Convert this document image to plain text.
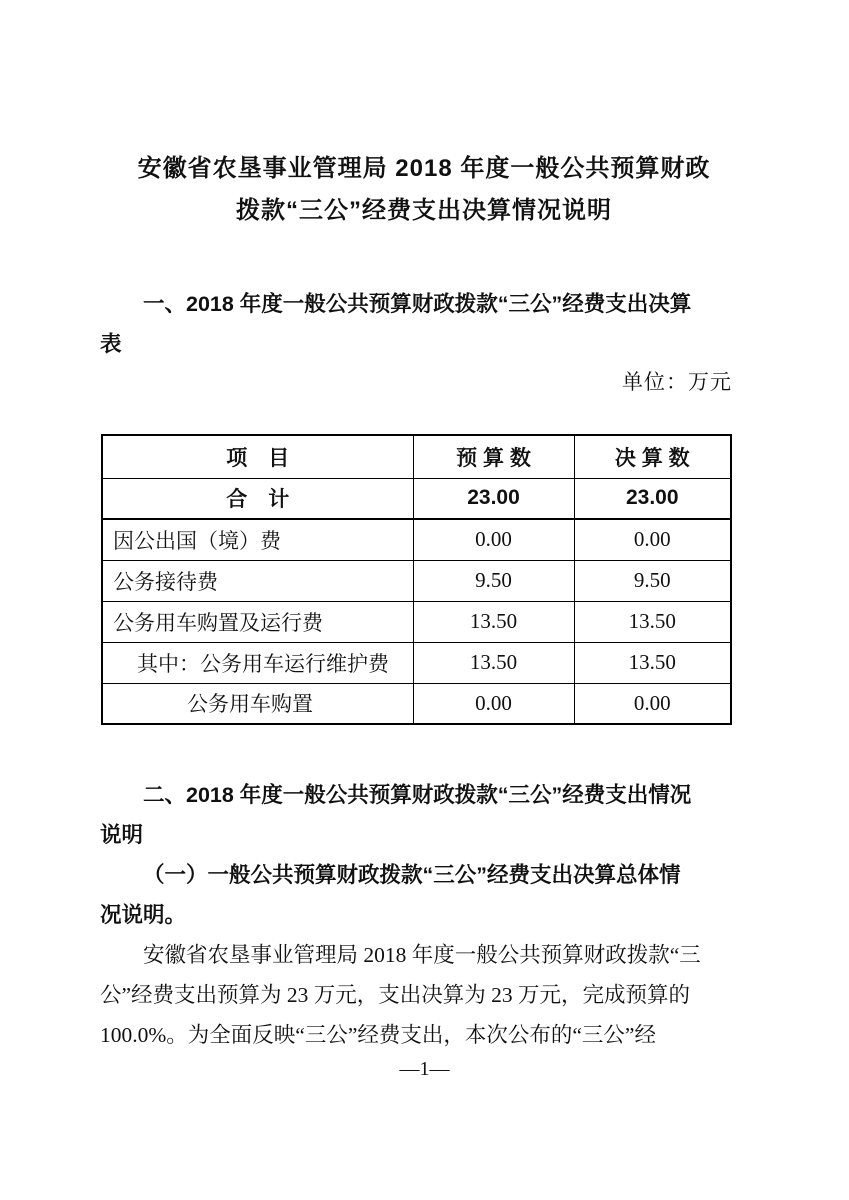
安徽省农垦事业管理局 2018 年度一般公共预算财政
拨款“三公”经费支出决算情况说明
一、2018 年度一般公共预算财政拨款“三公”经费支出决算
表
单位：万元
项　目	预 算 数	决 算 数
合　计	23.00	23.00
因公出国（境）费	0.00	0.00
公务接待费	9.50	9.50
公务用车购置及运行费	13.50	13.50
其中：公务用车运行维护费	13.50	13.50
公务用车购置	0.00	0.00
二、2018 年度一般公共预算财政拨款“三公”经费支出情况
说明
（一）一般公共预算财政拨款“三公”经费支出决算总体情
况说明。
安徽省农垦事业管理局 2018 年度一般公共预算财政拨款“三
公”经费支出预算为 23 万元，支出决算为 23 万元，完成预算的
100.0%。为全面反映“三公”经费支出，本次公布的“三公”经
—1—
